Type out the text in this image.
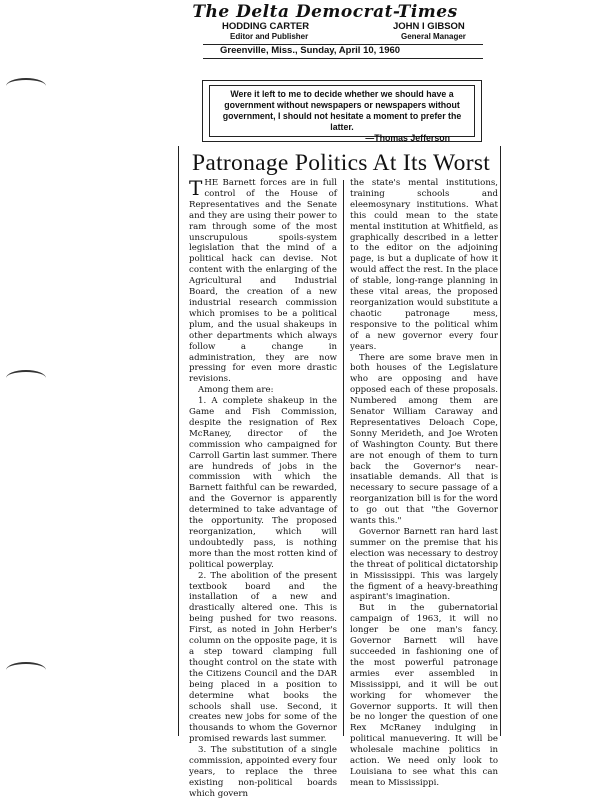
The Delta Democrat-Times
HODDING CARTER
Editor and Publisher
JOHN I GIBSON
General Manager
Greenville, Miss., Sunday, April 10, 1960
Were it left to me to decide whether we should have a government without newspapers or newspapers without government, I should not hesitate a moment to prefer the latter.
—Thomas Jefferson
Patronage Politics At Its Worst

THE Barnett forces are in full control of the House of Representatives and the Senate and they are using their power to ram through some of the most unscrupulous spoils-system legislation that the mind of a political hack can devise. Not content with the enlarging of the Agricultural and Industrial Board, the creation of a new industrial research commission which promises to be a political plum, and the usual shakeups in other departments which always follow a change in administration, they are now pressing for even more drastic revisions.

Among them are:

1. A complete shakeup in the Game and Fish Commission, despite the resignation of Rex McRaney, director of the commission who campaigned for Carroll Gartin last summer. There are hundreds of jobs in the commission with which the Barnett faithful can be rewarded, and the Governor is apparently determined to take advantage of the opportunity. The proposed reorganization, which will undoubtedly pass, is nothing more than the most rotten kind of political powerplay.

2. The abolition of the present textbook board and the installation of a new and drastically altered one. This is being pushed for two reasons. First, as noted in John Herber's column on the opposite page, it is a step toward clamping full thought control on the state with the Citizens Council and the DAR being placed in a position to determine what books the schools shall use. Second, it creates new jobs for some of the thousands to whom the Governor promised rewards last summer.

3. The substitution of a single commission, appointed every four years, to replace the three existing non-political boards which govern

the state's mental institutions, training schools and eleemosynary institutions. What this could mean to the state mental institution at Whitfield, as graphically described in a letter to the editor on the adjoining page, is but a duplicate of how it would affect the rest. In the place of stable, long-range planning in these vital areas, the proposed reorganization would substitute a chaotic patronage mess, responsive to the political whim of a new governor every four years.

There are some brave men in both houses of the Legislature who are opposing and have opposed each of these proposals. Numbered among them are Senator William Caraway and Representatives Deloach Cope, Sonny Merideth, and Joe Wroten of Washington County. But there are not enough of them to turn back the Governor's near-insatiable demands. All that is necessary to secure passage of a reorganization bill is for the word to go out that "the Governor wants this."

Governor Barnett ran hard last summer on the premise that his election was necessary to destroy the threat of political dictatorship in Mississippi. This was largely the figment of a heavy-breathing aspirant's imagination.

But in the gubernatorial campaign of 1963, it will no longer be one man's fancy. Governor Barnett will have succeeded in fashioning one of the most powerful patronage armies ever assembled in Mississippi, and it will be out working for whomever the Governor supports. It will then be no longer the question of one Rex McRaney indulging in political manuevering. It will be wholesale machine politics in action. We need only look to Louisiana to see what this can mean to Mississippi.
